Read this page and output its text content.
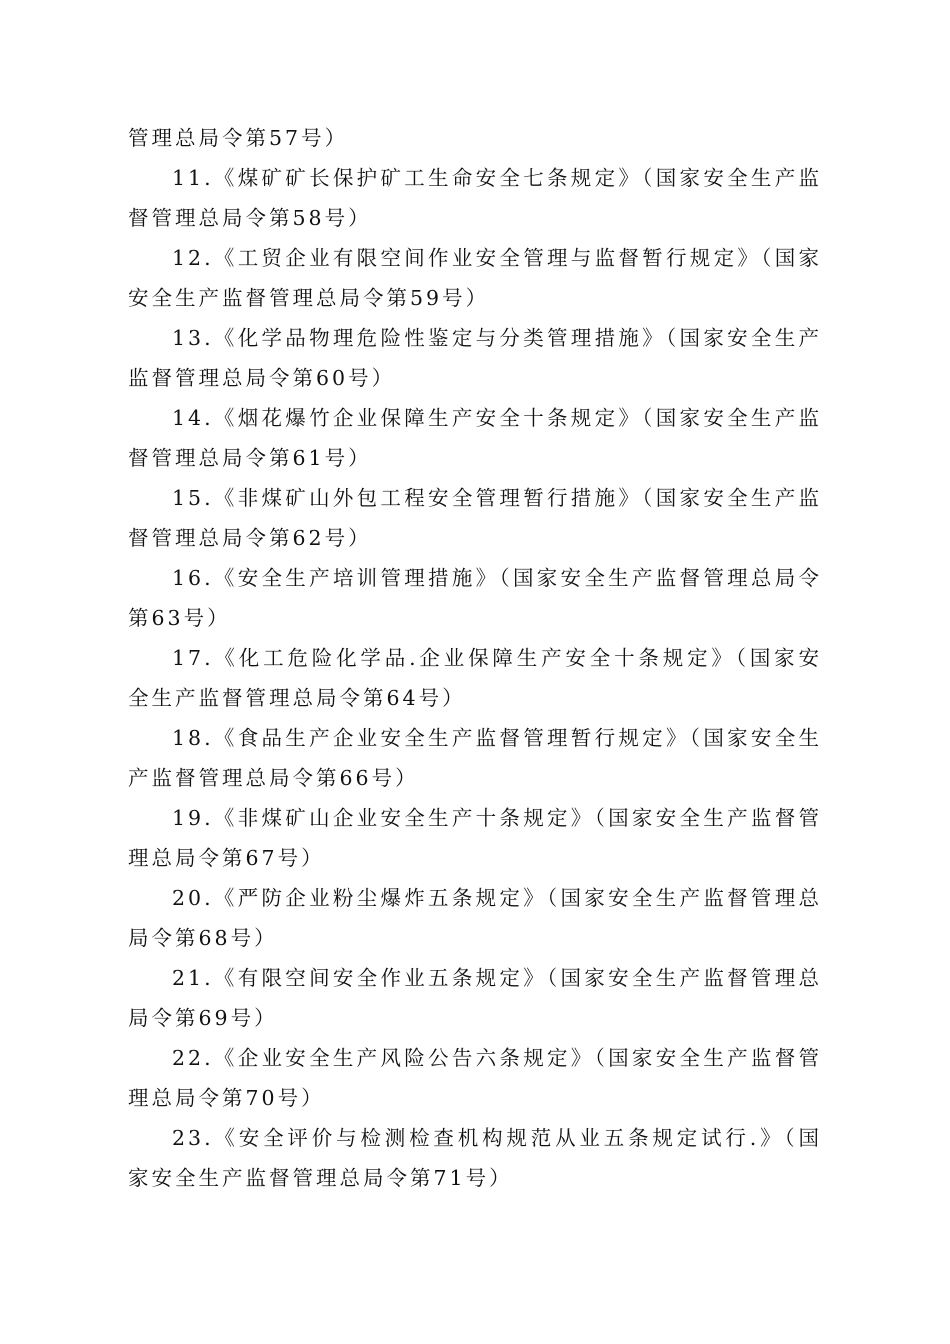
管理总局令第57号）

11.《煤矿矿长保护矿工生命安全七条规定》（国家安全生产监督管理总局令第58号）

12.《工贸企业有限空间作业安全管理与监督暂行规定》（国家安全生产监督管理总局令第59号）

13.《化学品物理危险性鉴定与分类管理措施》（国家安全生产监督管理总局令第60号）

14.《烟花爆竹企业保障生产安全十条规定》（国家安全生产监督管理总局令第61号）

15.《非煤矿山外包工程安全管理暂行措施》（国家安全生产监督管理总局令第62号）

16.《安全生产培训管理措施》（国家安全生产监督管理总局令第63号）

17.《化工危险化学品.企业保障生产安全十条规定》（国家安全生产监督管理总局令第64号）

18.《食品生产企业安全生产监督管理暂行规定》（国家安全生产监督管理总局令第66号）

19.《非煤矿山企业安全生产十条规定》（国家安全生产监督管理总局令第67号）

20.《严防企业粉尘爆炸五条规定》（国家安全生产监督管理总局令第68号）

21.《有限空间安全作业五条规定》（国家安全生产监督管理总局令第69号）

22.《企业安全生产风险公告六条规定》（国家安全生产监督管理总局令第70号）

23.《安全评价与检测检查机构规范从业五条规定试行.》（国家安全生产监督管理总局令第71号）
